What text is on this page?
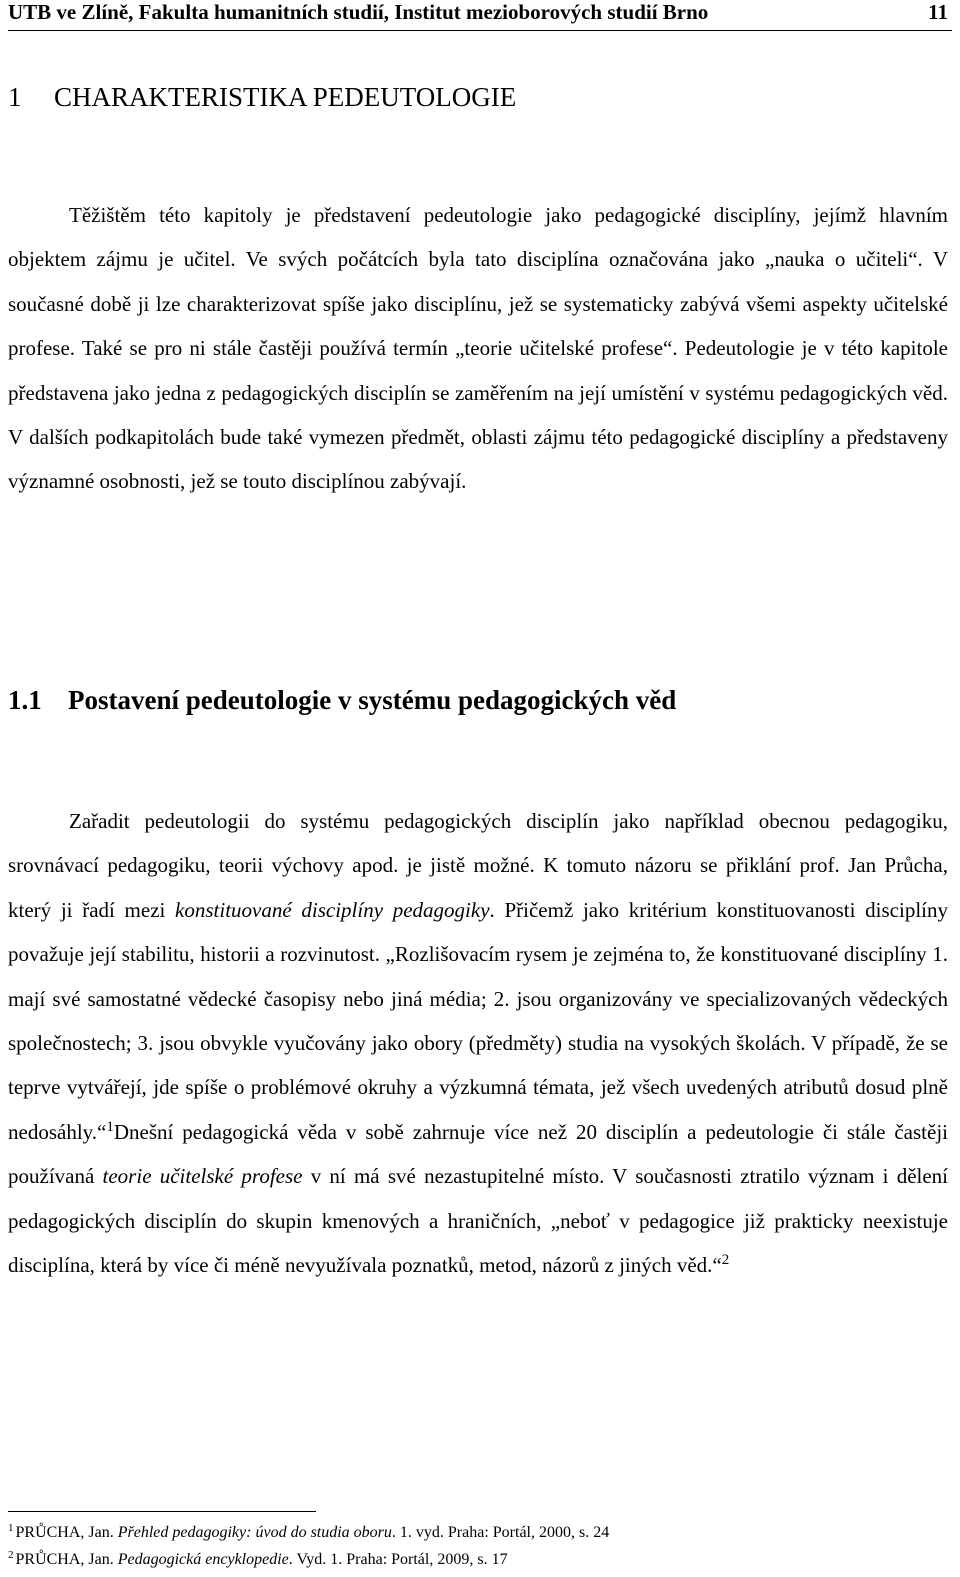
UTB ve Zlíně, Fakulta humanitních studií, Institut mezioborových studií Brno	11
1 CHARAKTERISTIKA PEDEUTOLOGIE

Těžištěm této kapitoly je představení pedeutologie jako pedagogické disciplíny, jejímž hlavním objektem zájmu je učitel. Ve svých počátcích byla tato disciplína označována jako „nauka o učiteli“. V současné době ji lze charakterizovat spíše jako disciplínu, jež se systematicky zabývá všemi aspekty učitelské profese. Také se pro ni stále častěji používá termín „teorie učitelské profese“. Pedeutologie je v této kapitole představena jako jedna z pedagogických disciplín se zaměřením na její umístění v systému pedagogických věd. V dalších podkapitolách bude také vymezen předmět, oblasti zájmu této pedagogické disciplíny a představeny významné osobnosti, jež se touto disciplínou zabývají.

1.1 Postavení pedeutologie v systému pedagogických věd

Zařadit pedeutologii do systému pedagogických disciplín jako například obecnou pedagogiku, srovnávací pedagogiku, teorii výchovy apod. je jistě možné. K tomuto názoru se přiklání prof. Jan Průcha, který ji řadí mezi konstituované disciplíny pedagogiky. Přičemž jako kritérium konstituovanosti disciplíny považuje její stabilitu, historii a rozvinutost. „Rozlišovacím rysem je zejména to, že konstituované disciplíny 1. mají své samostatné vědecké časopisy nebo jiná média; 2. jsou organizovány ve specializovaných vědeckých společnostech; 3. jsou obvykle vyučovány jako obory (předměty) studia na vysokých školách. V případě, že se teprve vytvářejí, jde spíše o problémové okruhy a výzkumná témata, jež všech uvedených atributů dosud plně nedosáhly.“$^1$Dnešní pedagogická věda v sobě zahrnuje více než 20 disciplín a pedeutologie či stále častěji používaná teorie učitelské profese v ní má své nezastupitelné místo. V současnosti ztratilo význam i dělení pedagogických disciplín do skupin kmenových a hraničních, „neboť v pedagogice již prakticky neexistuje disciplína, která by více či méně nevyužívala poznatků, metod, názorů z jiných věd.“$^2$

$^1$ PRŮCHA, Jan. Přehled pedagogiky: úvod do studia oboru. 1. vyd. Praha: Portál, 2000, s. 24
$^2$ PRŮCHA, Jan. Pedagogická encyklopedie. Vyd. 1. Praha: Portál, 2009, s. 17
